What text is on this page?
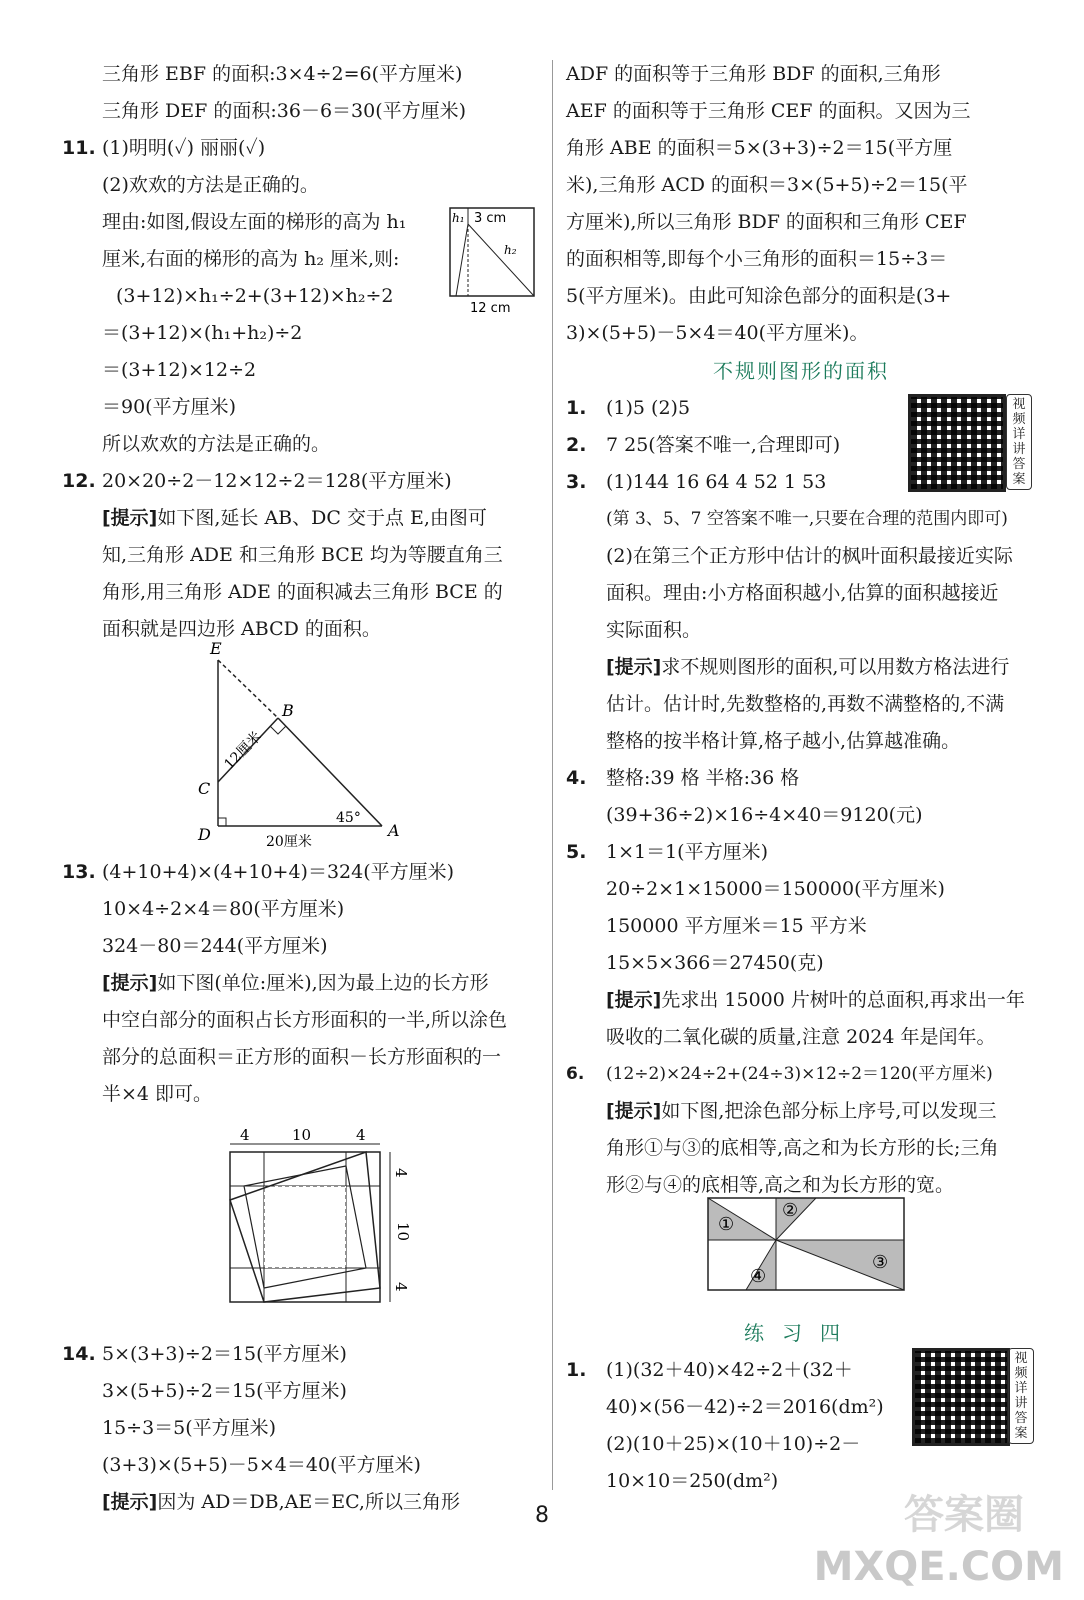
三角形 EBF 的面积:3×4÷2=6(平方厘米)
三角形 DEF 的面积:36－6＝30(平方厘米)
11. (1)明明(✓) 丽丽(✓)
(2)欢欢的方法是正确的。
理由:如图,假设左面的梯形的高为 h₁
厘米,右面的梯形的高为 h₂ 厘米,则:
(3+12)×h₁÷2+(3+12)×h₂÷2
＝(3+12)×(h₁+h₂)÷2
＝(3+12)×12÷2
＝90(平方厘米)
所以欢欢的方法是正确的。
12. 20×20÷2－12×12÷2＝128(平方厘米)
[提示]如下图,延长 AB、DC 交于点 E,由图可
知,三角形 ADE 和三角形 BCE 均为等腰直角三
角形,用三角形 ADE 的面积减去三角形 BCE 的
面积就是四边形 ABCD 的面积。
13. (4+10+4)×(4+10+4)＝324(平方厘米)
10×4÷2×4＝80(平方厘米)
324－80＝244(平方厘米)
[提示]如下图(单位:厘米),因为最上边的长方形
中空白部分的面积占长方形面积的一半,所以涂色
部分的总面积＝正方形的面积－长方形面积的一
半×4 即可。
14. 5×(3+3)÷2＝15(平方厘米)
3×(5+5)÷2＝15(平方厘米)
15÷3＝5(平方厘米)
(3+3)×(5+5)－5×4＝40(平方厘米)
[提示]因为 AD＝DB,AE＝EC,所以三角形
ADF 的面积等于三角形 BDF 的面积,三角形
AEF 的面积等于三角形 CEF 的面积。又因为三
角形 ABE 的面积＝5×(3+3)÷2＝15(平方厘
米),三角形 ACD 的面积＝3×(5+5)÷2＝15(平
方厘米),所以三角形 BDF 的面积和三角形 CEF
的面积相等,即每个小三角形的面积＝15÷3＝
5(平方厘米)。由此可知涂色部分的面积是(3+
3)×(5+5)－5×4＝40(平方厘米)。
不规则图形的面积
1. (1)5 (2)5
2. 7 25(答案不唯一,合理即可)
3. (1)144 16 64 4 52 1 53
(第 3、5、7 空答案不唯一,只要在合理的范围内即可)
(2)在第三个正方形中估计的枫叶面积最接近实际
面积。理由:小方格面积越小,估算的面积越接近
实际面积。
[提示]求不规则图形的面积,可以用数方格法进行
估计。估计时,先数整格的,再数不满整格的,不满
整格的按半格计算,格子越小,估算越准确。
4. 整格:39 格 半格:36 格
(39+36÷2)×16÷4×40＝9120(元)
5. 1×1＝1(平方厘米)
20÷2×1×15000＝150000(平方厘米)
150000 平方厘米＝15 平方米
15×5×366＝27450(克)
[提示]先求出 15000 片树叶的总面积,再求出一年
吸收的二氧化碳的质量,注意 2024 年是闰年。
6. (12÷2)×24÷2+(24÷3)×12÷2＝120(平方厘米)
[提示]如下图,把涂色部分标上序号,可以发现三
角形①与③的底相等,高之和为长方形的长;三角
形②与④的底相等,高之和为长方形的宽。
练习四
1. (1)(32＋40)×42÷2＋(32＋
40)×(56－42)÷2＝2016(dm²)
(2)(10＋25)×(10＋10)÷2－
10×10＝250(dm²)
h₁ 3 cm
h₂
12 cm
E
B
C
D	A
12厘米
20厘米
45°
4	10	4
4
10
4
①
②
③
④
视频详讲答案
视频详讲答案
8	答案圈
MXQE.COM
